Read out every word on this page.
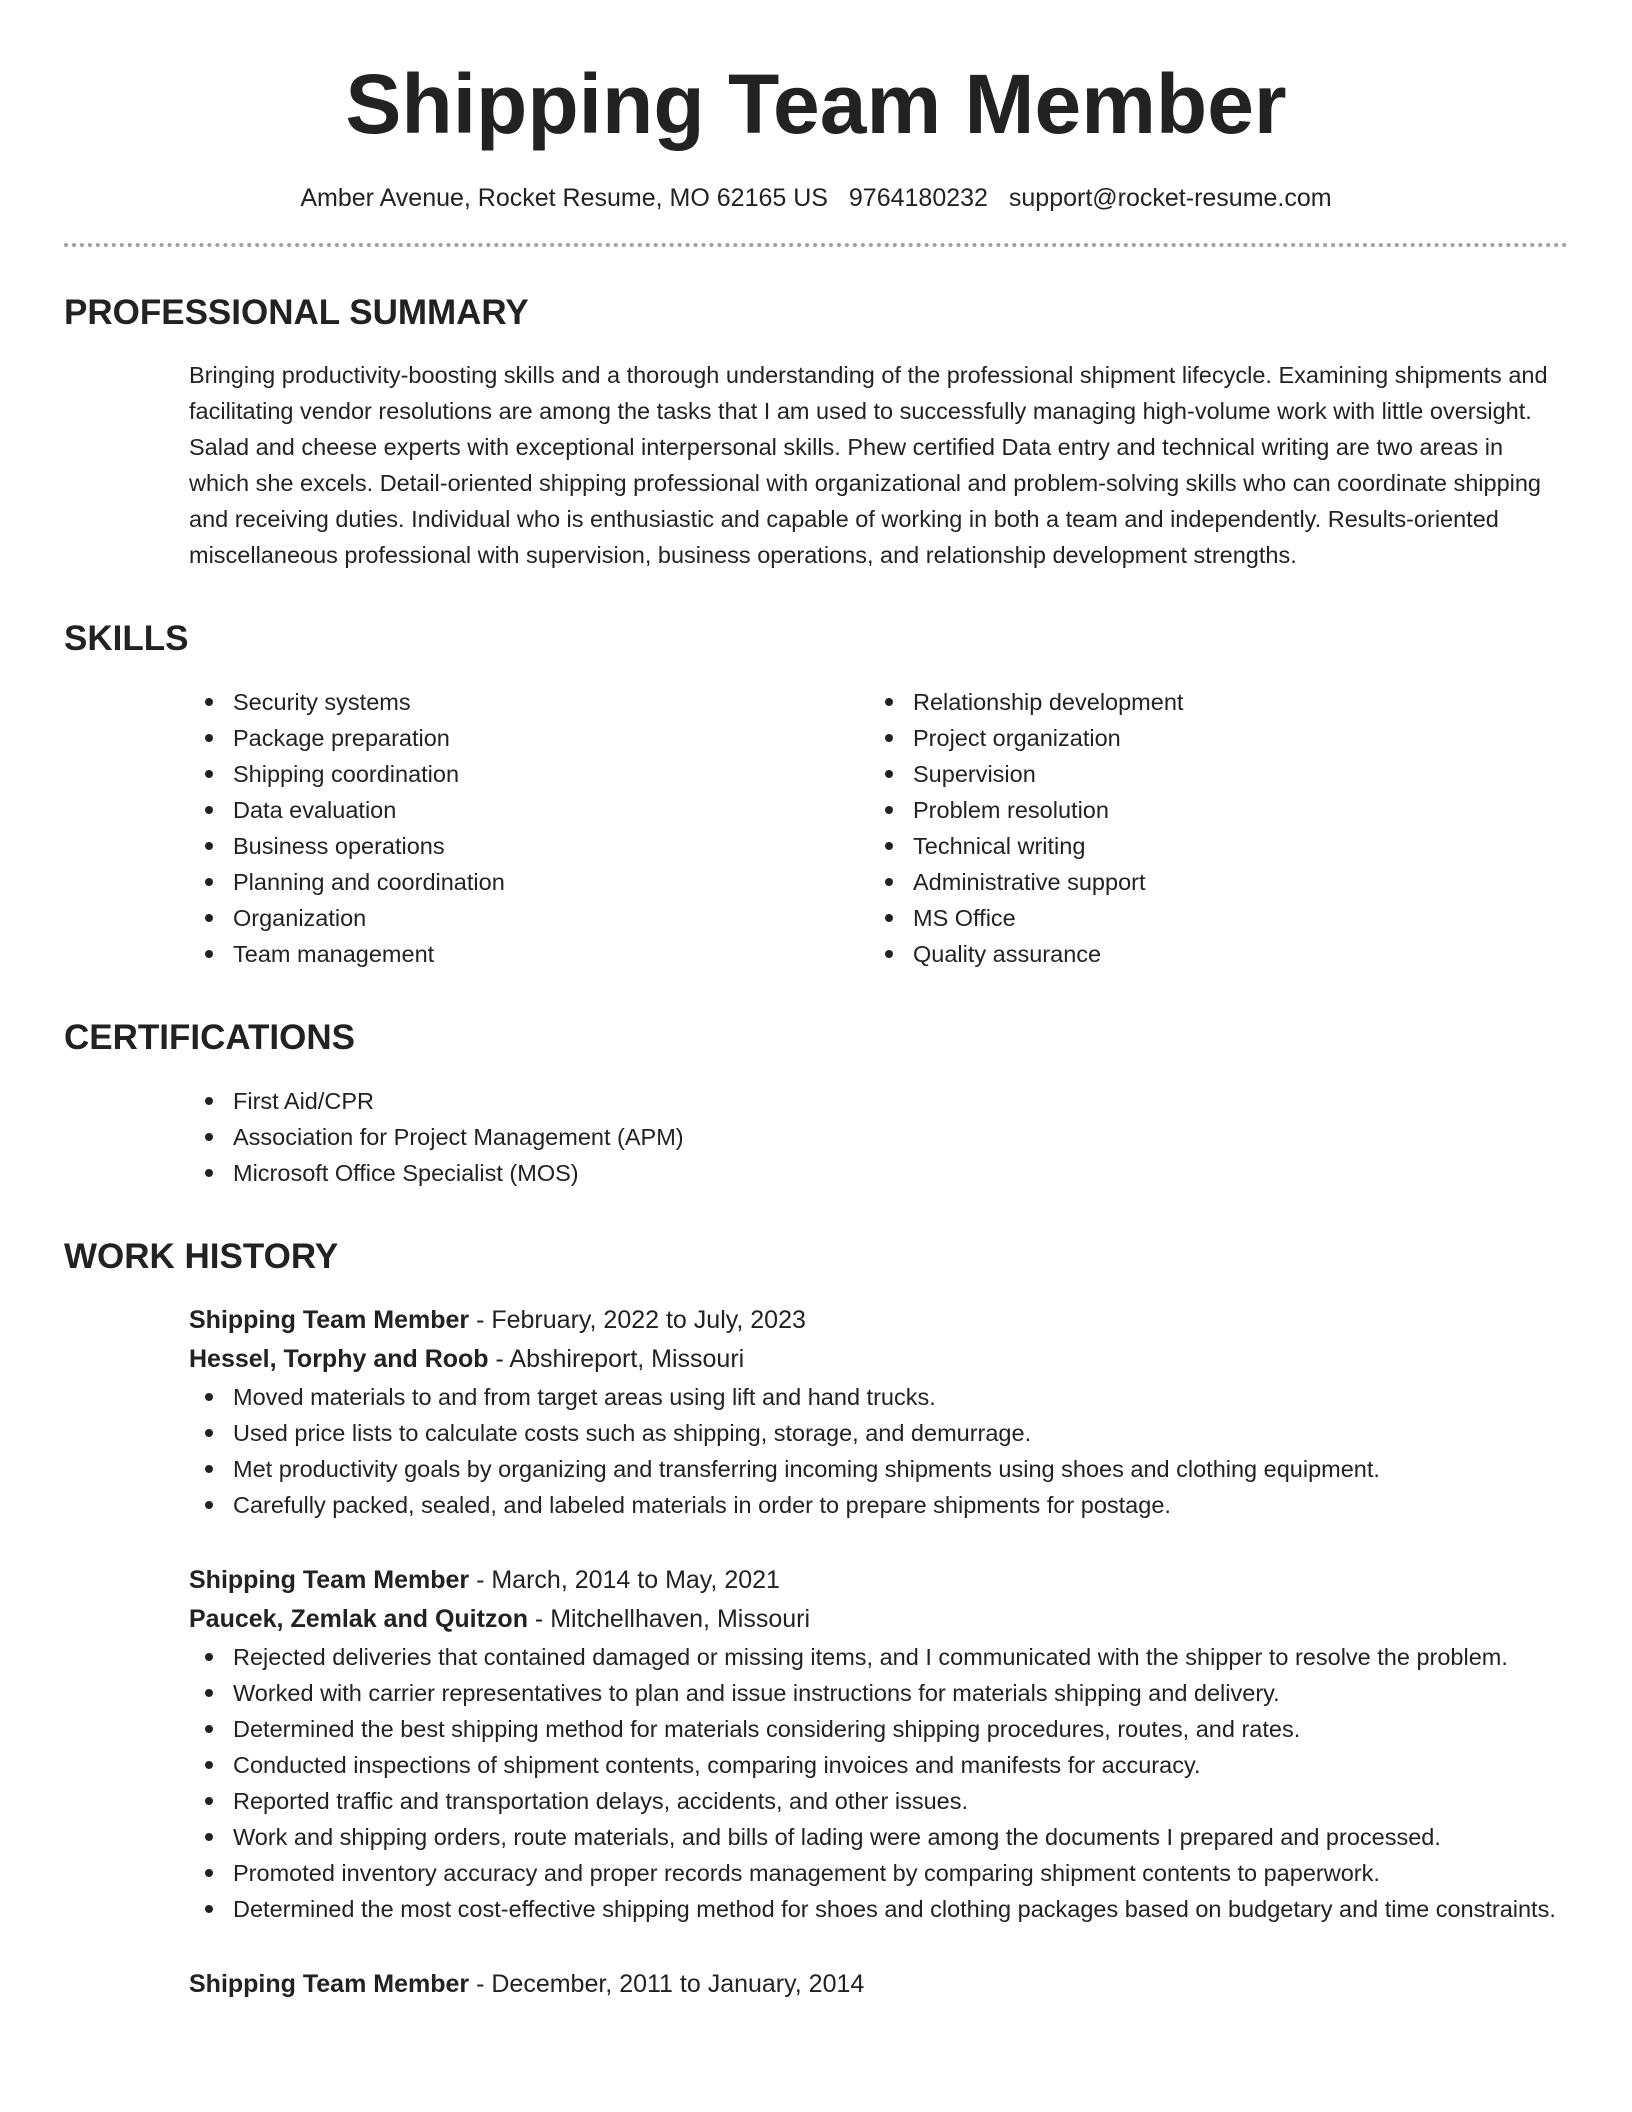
Shipping Team Member
Amber Avenue, Rocket Resume, MO 62165 US 9764180232 support@rocket-resume.com
PROFESSIONAL SUMMARY
Bringing productivity-boosting skills and a thorough understanding of the professional shipment lifecycle. Examining shipments and facilitating vendor resolutions are among the tasks that I am used to successfully managing high-volume work with little oversight. Salad and cheese experts with exceptional interpersonal skills. Phew certified Data entry and technical writing are two areas in which she excels. Detail-oriented shipping professional with organizational and problem-solving skills who can coordinate shipping and receiving duties. Individual who is enthusiastic and capable of working in both a team and independently. Results-oriented miscellaneous professional with supervision, business operations, and relationship development strengths.
SKILLS
Security systems
Package preparation
Shipping coordination
Data evaluation
Business operations
Planning and coordination
Organization
Team management
Relationship development
Project organization
Supervision
Problem resolution
Technical writing
Administrative support
MS Office
Quality assurance
CERTIFICATIONS
First Aid/CPR
Association for Project Management (APM)
Microsoft Office Specialist (MOS)
WORK HISTORY
Shipping Team Member - February, 2022 to July, 2023
Hessel, Torphy and Roob - Abshireport, Missouri
Moved materials to and from target areas using lift and hand trucks.
Used price lists to calculate costs such as shipping, storage, and demurrage.
Met productivity goals by organizing and transferring incoming shipments using shoes and clothing equipment.
Carefully packed, sealed, and labeled materials in order to prepare shipments for postage.
Shipping Team Member - March, 2014 to May, 2021
Paucek, Zemlak and Quitzon - Mitchellhaven, Missouri
Rejected deliveries that contained damaged or missing items, and I communicated with the shipper to resolve the problem.
Worked with carrier representatives to plan and issue instructions for materials shipping and delivery.
Determined the best shipping method for materials considering shipping procedures, routes, and rates.
Conducted inspections of shipment contents, comparing invoices and manifests for accuracy.
Reported traffic and transportation delays, accidents, and other issues.
Work and shipping orders, route materials, and bills of lading were among the documents I prepared and processed.
Promoted inventory accuracy and proper records management by comparing shipment contents to paperwork.
Determined the most cost-effective shipping method for shoes and clothing packages based on budgetary and time constraints.
Shipping Team Member - December, 2011 to January, 2014
